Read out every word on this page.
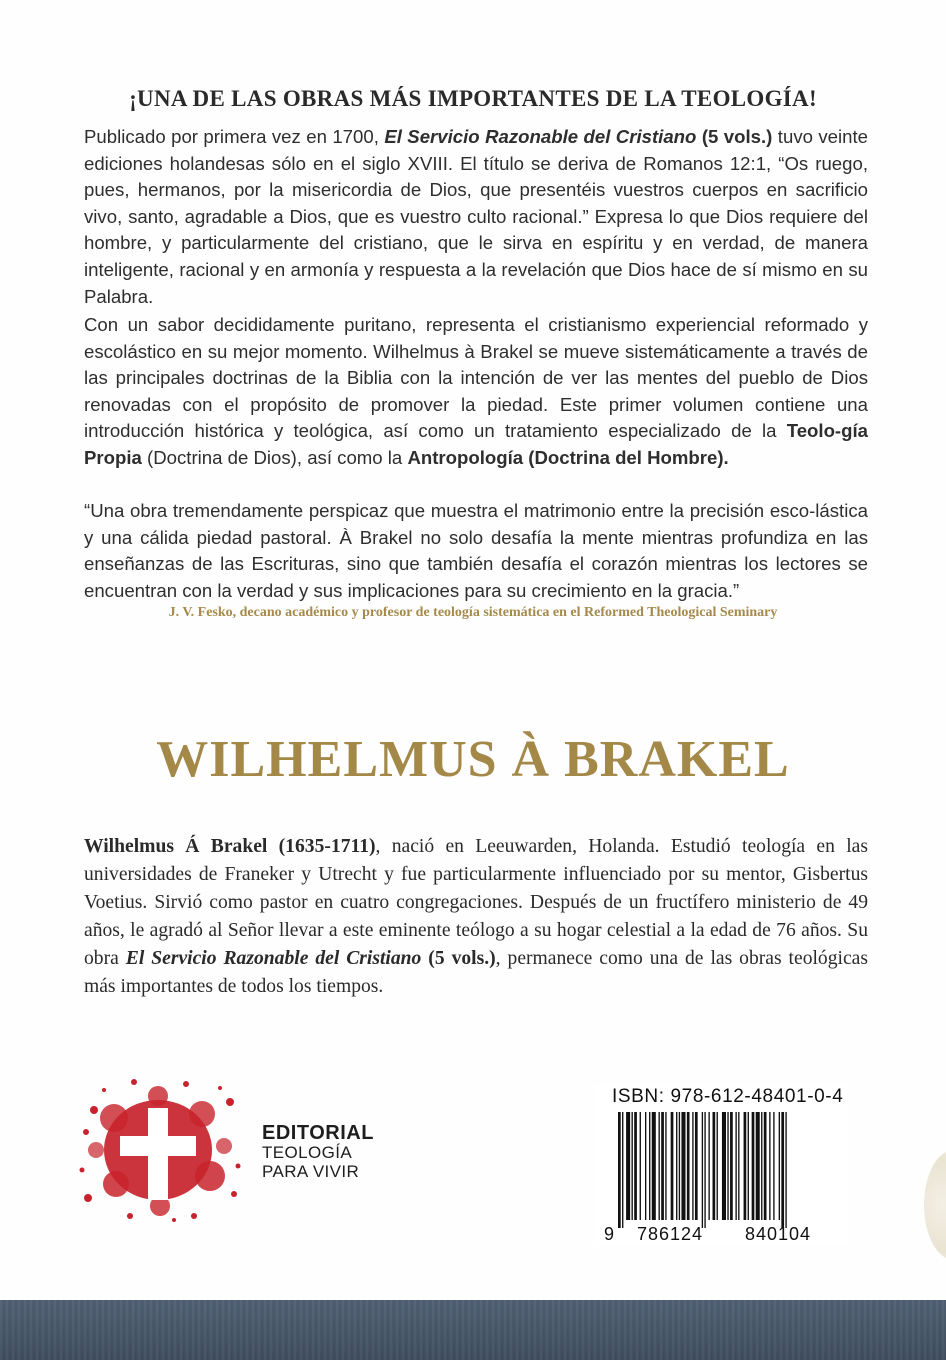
¡UNA DE LAS OBRAS MÁS IMPORTANTES DE LA TEOLOGÍA!

Publicado por primera vez en 1700, El Servicio Razonable del Cristiano (5 vols.) tuvo veinte ediciones holandesas sólo en el siglo XVIII. El título se deriva de Romanos 12:1, “Os ruego, pues, hermanos, por la misericordia de Dios, que presentéis vuestros cuerpos en sacrificio vivo, santo, agradable a Dios, que es vuestro culto racional.” Expresa lo que Dios requiere del hombre, y particularmente del cristiano, que le sirva en espíritu y en verdad, de manera inteligente, racional y en armonía y respuesta a la revelación que Dios hace de sí mismo en su Palabra.

Con un sabor decididamente puritano, representa el cristianismo experiencial reformado y escolástico en su mejor momento. Wilhelmus à Brakel se mueve sistemáticamente a través de las principales doctrinas de la Biblia con la intención de ver las mentes del pueblo de Dios renovadas con el propósito de promover la piedad. Este primer volumen contiene una introducción histórica y teológica, así como un tratamiento especializado de la Teolo-gía Propia (Doctrina de Dios), así como la Antropología (Doctrina del Hombre).

“Una obra tremendamente perspicaz que muestra el matrimonio entre la precisión esco-lástica y una cálida piedad pastoral. À Brakel no solo desafía la mente mientras profundiza en las enseñanzas de las Escrituras, sino que también desafía el corazón mientras los lectores se encuentran con la verdad y sus implicaciones para su crecimiento en la gracia.”

J. V. Fesko, decano académico y profesor de teología sistemática en el Reformed Theological Seminary
WILHELMUS À BRAKEL

Wilhelmus Á Brakel (1635-1711), nació en Leeuwarden, Holanda. Estudió teología en las universidades de Franeker y Utrecht y fue particularmente influenciado por su mentor, Gisbertus Voetius. Sirvió como pastor en cuatro congregaciones. Después de un fructífero ministerio de 49 años, le agradó al Señor llevar a este eminente teólogo a su hogar celestial a la edad de 76 años. Su obra El Servicio Razonable del Cristiano (5 vols.), permanece como una de las obras teológicas más importantes de todos los tiempos.

EDITORIAL
TEOLOGÍA
PARA VIVIR
ISBN: 978-612-48401-0-4
9	786124	840104
